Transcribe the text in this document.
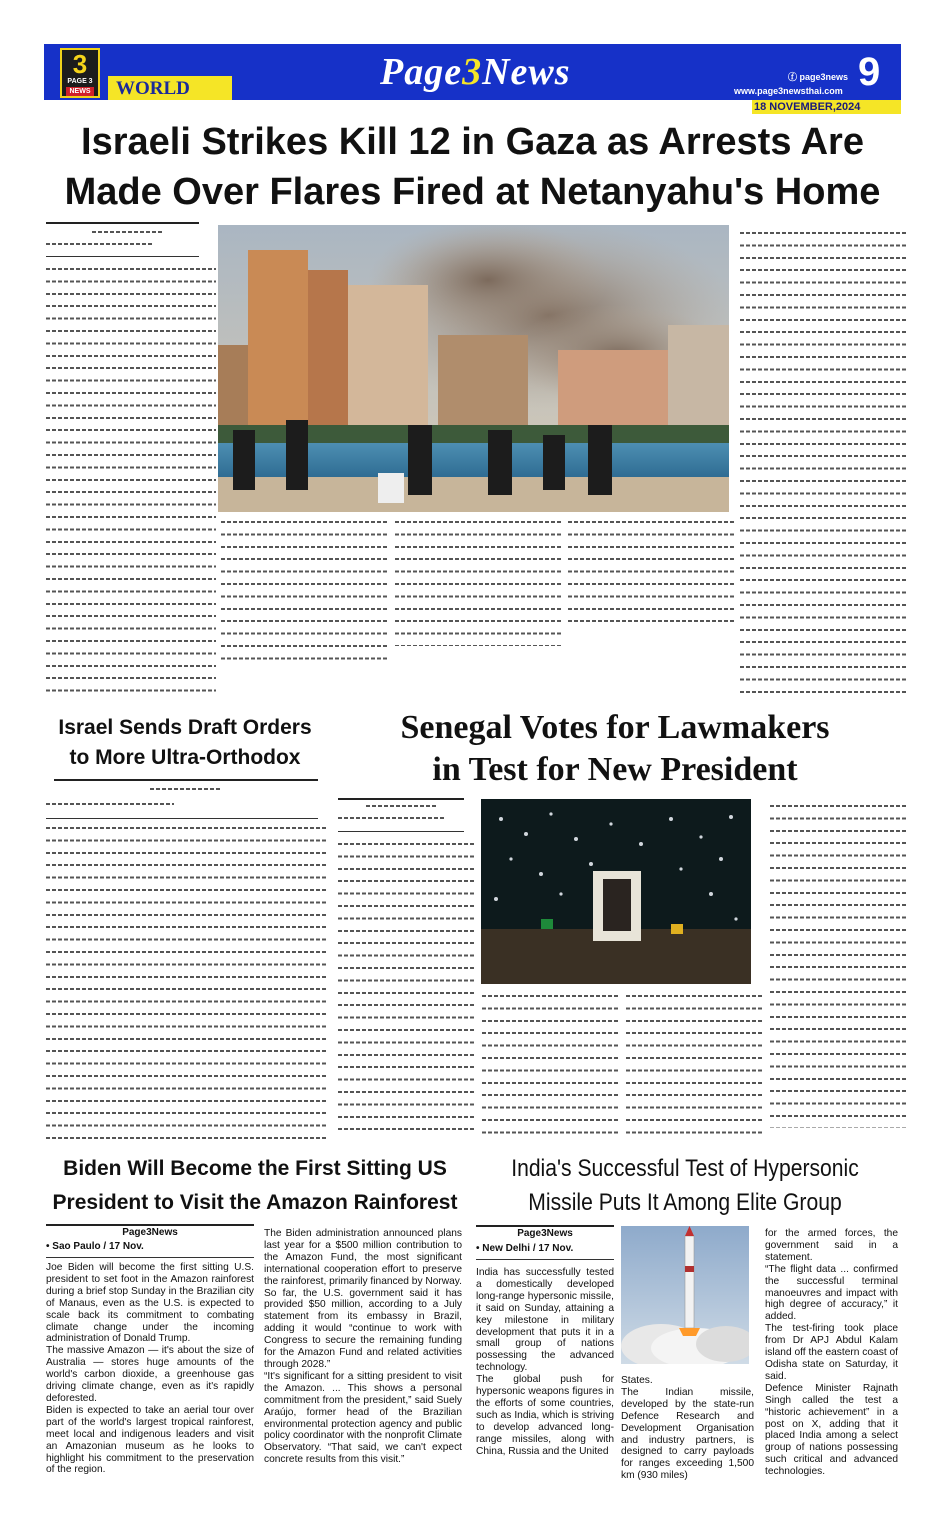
WORLD
3
PAGE 3
NEWS	Page3News	ⓕ page3news
www.page3newsthai.com 9
18 NOVEMBER,2024
Israeli Strikes Kill 12 in Gaza as Arrests Are
Made Over Flares Fired at Netanyahu's Home
Israel Sends Draft Orders
to More Ultra-Orthodox
Senegal Votes for Lawmakers
in Test for New President
Biden Will Become the First Sitting US
President to Visit the Amazon Rainforest
Page3News
• Sao Paulo / 17 Nov.

Joe Biden will become the first sitting U.S. president to set foot in the Amazon rainforest during a brief stop Sunday in the Brazilian city of Manaus, even as the U.S. is expected to scale back its commitment to combating climate change under the incoming administration of Donald Trump.

The massive Amazon — it's about the size of Australia — stores huge amounts of the world's carbon dioxide, a greenhouse gas driving climate change, even as it's rapidly deforested.

Biden is expected to take an aerial tour over part of the world's largest tropical rainforest, meet local and indigenous leaders and visit an Amazonian museum as he looks to highlight his commitment to the preservation of the region.

The Biden administration announced plans last year for a $500 million contribution to the Amazon Fund, the most significant international cooperation effort to preserve the rainforest, primarily financed by Norway.

So far, the U.S. government said it has provided $50 million, according to a July statement from its embassy in Brazil, adding it would “continue to work with Congress to secure the remaining funding for the Amazon Fund and related activities through 2028.”

“It's significant for a sitting president to visit the Amazon. ... This shows a personal commitment from the president,” said Suely Araújo, former head of the Brazilian environmental protection agency and public policy coordinator with the nonprofit Climate Observatory. “That said, we can't expect concrete results from this visit.”

India's Successful Test of Hypersonic
Missile Puts It Among Elite Group
Page3News
• New Delhi / 17 Nov.

India has successfully tested a domestically developed long-range hypersonic missile, it said on Sunday, attaining a key milestone in military development that puts it in a small group of nations possessing the advanced technology.

The global push for hypersonic weapons figures in the efforts of some countries, such as India, which is striving to develop advanced long-range missiles, along with China, Russia and the United

States.

The Indian missile, developed by the state-run Defence Research and Development Organisation and industry partners, is designed to carry payloads for ranges exceeding 1,500 km (930 miles)

for the armed forces, the government said in a statement.

“The flight data ... confirmed the successful terminal manoeuvres and impact with high degree of accuracy,” it added.

The test-firing took place from Dr APJ Abdul Kalam island off the eastern coast of Odisha state on Saturday, it said.

Defence Minister Rajnath Singh called the test a “historic achievement” in a post on X, adding that it placed India among a select group of nations possessing such critical and advanced technologies.
